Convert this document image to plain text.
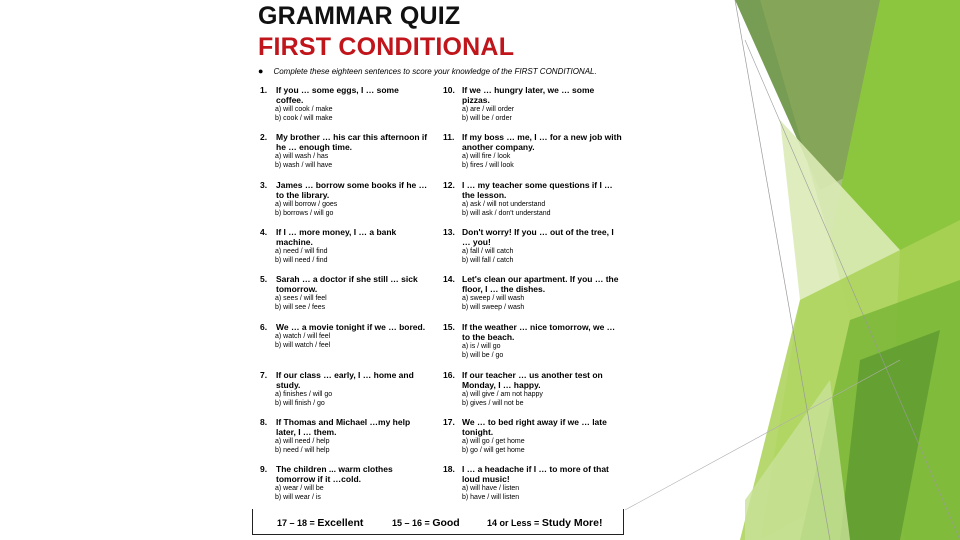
GRAMMAR QUIZ
FIRST CONDITIONAL
● Complete these eighteen sentences to score your knowledge of the FIRST CONDITIONAL.
1.	If you … some eggs, I … some coffee.
a) will cook / make
b) cook / will make
2.	My brother … his car this afternoon if he … enough time.
a) will wash / has
b) wash / will have
3.	James … borrow some books if he … to the library.
a) will borrow / goes
b) borrows / will go
4.	If I … more money, I … a bank machine.
a) need / will find
b) will need / find
5.	Sarah … a doctor if she still … sick tomorrow.
a) sees / will feel
b) will see / fees
6.	We … a movie tonight if we … bored.
a) watch / will feel
b) will watch / feel
7.	If our class … early, I … home and study.
a) finishes / will go
b) will finish / go
8.	If Thomas and Michael …my help later, I … them.
a) will need / help
b) need / will help
9.	The children ... warm clothes tomorrow if it …cold.
a) wear / will be
b) will wear / is
10. If we … hungry later, we … some pizzas.
a) are / will order
b) will be / order
11. If my boss … me, I … for a new job with another company.
a) will fire / look
b) fires / will look
12. I … my teacher some questions if I … the lesson.
a) ask / will not understand
b) will ask / don't understand
13. Don't worry! If you … out of the tree, I … you!
a) fall / will catch
b) will fall / catch
14. Let's clean our apartment. If you … the floor, I … the dishes.
a) sweep / will wash
b) will sweep / wash
15. If the weather … nice tomorrow, we … to the beach.
a) is / will go
b) will be / go
16. If our teacher … us another test on Monday, I … happy.
a) will give / am not happy
b) gives / will not be
17. We … to bed right away if we … late tonight.
a) will go / get home
b) go / will get home
18. I … a headache if I … to more of that loud music!
a) will have / listen
b) have / will listen
17 – 18 = Excellent	15 – 16 = Good	14 or Less = Study More!
